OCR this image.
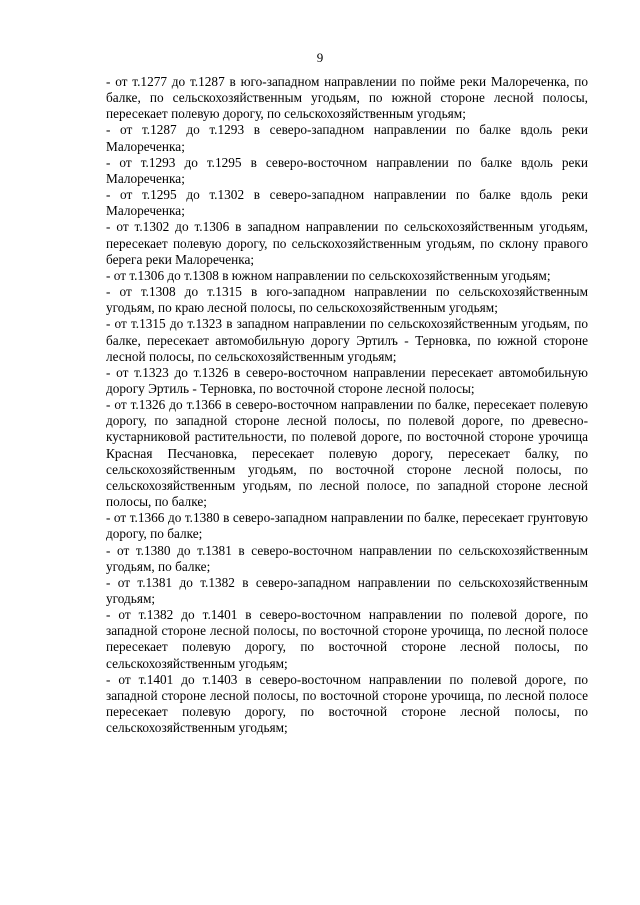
9

- от т.1277 до т.1287 в юго-западном направлении по пойме реки Малореченка, по балке, по сельскохозяйственным угодьям, по южной стороне лесной полосы, пересекает полевую дорогу, по сельскохозяйственным угодьям;

- от т.1287 до т.1293 в северо-западном направлении по балке вдоль реки Малореченка;

- от т.1293 до т.1295 в северо-восточном направлении по балке вдоль реки Малореченка;

- от т.1295 до т.1302 в северо-западном направлении по балке вдоль реки Малореченка;

- от т.1302 до т.1306 в западном направлении по сельскохозяйственным угодьям, пересекает полевую дорогу, по сельскохозяйственным угодьям, по склону правого берега реки Малореченка;

- от т.1306 до т.1308 в южном направлении по сельскохозяйственным угодьям;

- от т.1308 до т.1315 в юго-западном направлении по сельскохозяйственным угодьям, по краю лесной полосы, по сельскохозяйственным угодьям;

- от т.1315 до т.1323 в западном направлении по сельскохозяйственным угодьям, по балке, пересекает автомобильную дорогу Эртилъ - Терновка, по южной стороне лесной полосы, по сельскохозяйственным угодьям;

- от т.1323 до т.1326 в северо-восточном направлении пересекает автомобильную дорогу Эртиль - Терновка, по восточной стороне лесной полосы;

- от т.1326 до т.1366 в северо-восточном направлении по балке, пересекает полевую дорогу, по западной стороне лесной полосы, по полевой дороге, по древесно-кустарниковой растительности, по полевой дороге, по восточной стороне урочища Красная Песчановка, пересекает полевую дорогу, пересекает балку, по сельскохозяйственным угодьям, по восточной стороне лесной полосы, по сельскохозяйственным угодьям, по лесной полосе, по западной стороне лесной полосы, по балке;

- от т.1366 до т.1380 в северо-западном направлении по балке, пересекает грунтовую дорогу, по балке;

- от т.1380 до т.1381 в северо-восточном направлении по сельскохозяйственным угодьям, по балке;

- от т.1381 до т.1382 в северо-западном направлении по сельскохозяйственным угодьям;

- от т.1382 до т.1401 в северо-восточном направлении по полевой дороге, по западной стороне лесной полосы, по восточной стороне урочища, по лесной полосе пересекает полевую дорогу, по восточной стороне лесной полосы, по сельскохозяйственным угодьям;

- от т.1401 до т.1403 в северо-восточном направлении по полевой дороге, по западной стороне лесной полосы, по восточной стороне урочища, по лесной полосе пересекает полевую дорогу, по восточной стороне лесной полосы, по сельскохозяйственным угодьям;
